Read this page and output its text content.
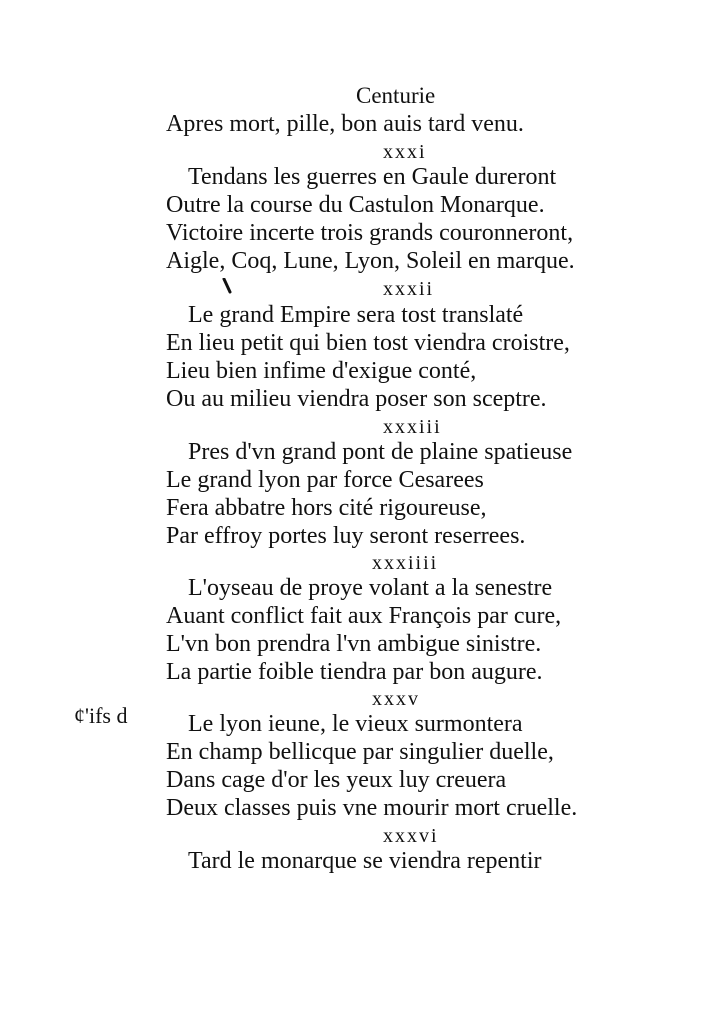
Centurie
Apres mort, pille, bon auis tard venu.
xxxi
Tendans les guerres en Gaule dureront
Outre la course du Castulon Monarque.
Victoire incerte trois grands couronneront,
Aigle, Coq, Lune, Lyon, Soleil en marque.
xxxii
Le grand Empire sera tost translaté
En lieu petit qui bien tost viendra croistre,
Lieu bien infime d'exigue conté,
Ou au milieu viendra poser son sceptre.
xxxiii
Pres d'vn grand pont de plaine spatieuse
Le grand lyon par force Cesarees
Fera abbatre hors cité rigoureuse,
Par effroy portes luy seront reserrees.
xxxiiii
L'oyseau de proye volant a la senestre
Auant conflict fait aux François par cure,
L'vn bon prendra l'vn ambigue sinistre.
La partie foible tiendra par bon augure.
xxxv
¢'ifs d	Le lyon ieune, le vieux surmontera
En champ bellicque par singulier duelle,
Dans cage d'or les yeux luy creuera
Deux classes puis vne mourir mort cruelle.
xxxvi
Tard le monarque se viendra repentir
